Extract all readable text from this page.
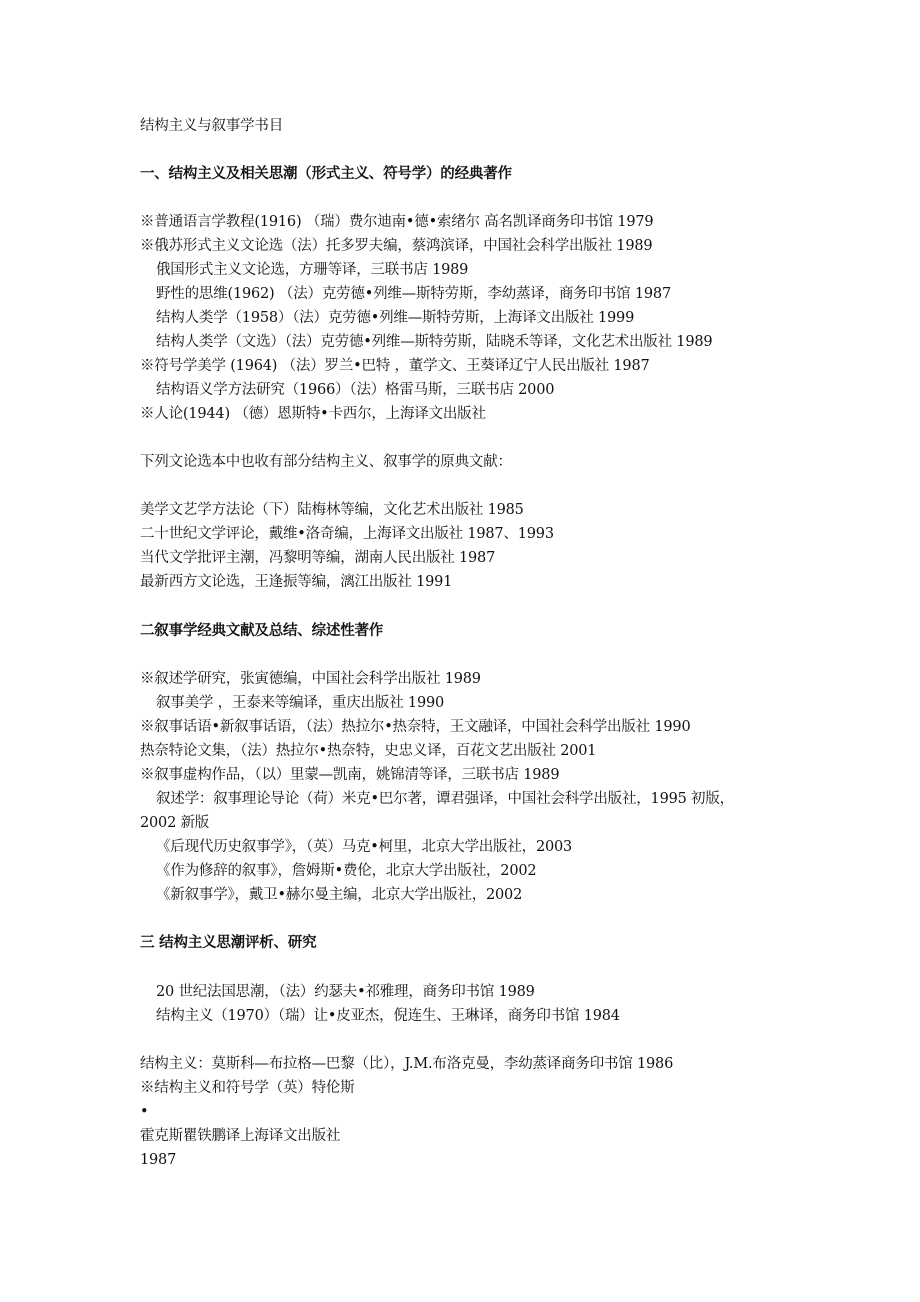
结构主义与叙事学书目
一、结构主义及相关思潮（形式主义、符号学）的经典著作
※普通语言学教程(1916) （瑞）费尔迪南•德•索绪尔 高名凯译商务印书馆 1979
※俄苏形式主义文论选（法）托多罗夫编，蔡鸿滨译，中国社会科学出版社 1989
俄国形式主义文论选，方珊等译，三联书店 1989
野性的思维(1962) （法）克劳德•列维—斯特劳斯，李幼蒸译，商务印书馆 1987
结构人类学（1958）（法）克劳德•列维—斯特劳斯，上海译文出版社 1999
结构人类学（文选）（法）克劳德•列维—斯特劳斯，陆晓禾等译，文化艺术出版社 1989
※符号学美学 (1964) （法）罗兰•巴特 ，董学文、王葵译辽宁人民出版社 1987
结构语义学方法研究（1966）（法）格雷马斯，三联书店 2000
※人论(1944) （德）恩斯特•卡西尔，上海译文出版社
下列文论选本中也收有部分结构主义、叙事学的原典文献：
美学文艺学方法论（下）陆梅林等编，文化艺术出版社 1985
二十世纪文学评论，戴维•洛奇编，上海译文出版社 1987、1993
当代文学批评主潮，冯黎明等编，湖南人民出版社 1987
最新西方文论选，王逢振等编，漓江出版社 1991
二叙事学经典文献及总结、综述性著作
※叙述学研究，张寅德编，中国社会科学出版社 1989
叙事美学 ，王泰来等编译，重庆出版社 1990
※叙事话语•新叙事话语，（法）热拉尔•热奈特，王文融译，中国社会科学出版社 1990
热奈特论文集，（法）热拉尔•热奈特，史忠义译，百花文艺出版社 2001
※叙事虚构作品，（以）里蒙—凯南，姚锦清等译，三联书店 1989
叙述学：叙事理论导论（荷）米克•巴尔著，谭君强译，中国社会科学出版社，1995 初版，
2002 新版
《后现代历史叙事学》，（英）马克•柯里，北京大学出版社，2003
《作为修辞的叙事》，詹姆斯•费伦，北京大学出版社，2002
《新叙事学》，戴卫•赫尔曼主编，北京大学出版社，2002
三 结构主义思潮评析、研究
20 世纪法国思潮，（法）约瑟夫•祁雅理，商务印书馆 1989
结构主义（1970）（瑞）让•皮亚杰，倪连生、王琳译，商务印书馆 1984
结构主义：莫斯科—布拉格—巴黎（比），J.M.布洛克曼，李幼蒸译商务印书馆 1986
※结构主义和符号学（英）特伦斯
•
霍克斯瞿铁鹏译上海译文出版社
1987
